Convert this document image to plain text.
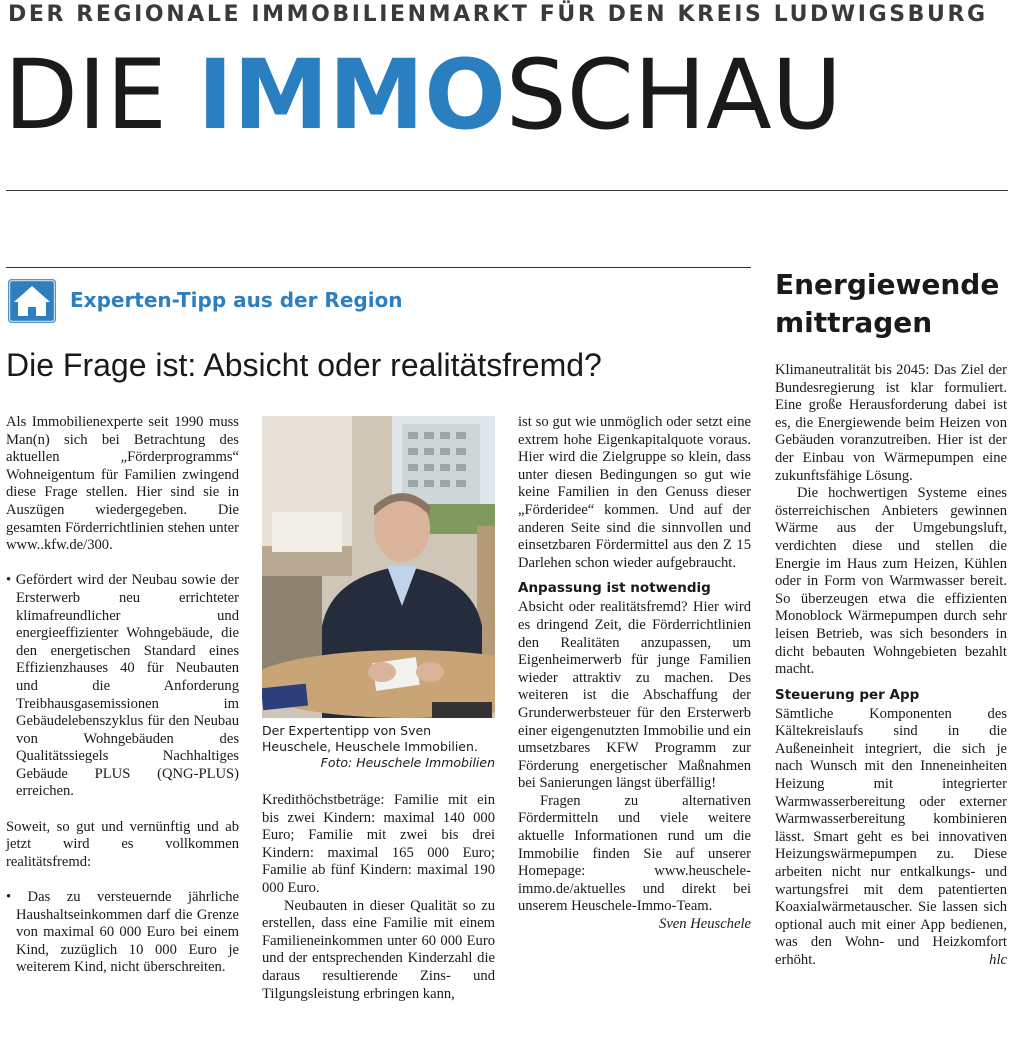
DER REGIONALE IMMOBILIENMARKT FÜR DEN KREIS LUDWIGSBURG
DIE IMMOSCHAU
Experten-Tipp aus der Region
Die Frage ist: Absicht oder realitätsfremd?

Als Immobilienexperte seit 1990 muss Man(n) sich bei Betrachtung des aktuellen „Förderprogramms“ Wohneigentum für Familien zwingend diese Frage stellen. Hier sind sie in Auszügen wiedergegeben. Die gesamten Förderrichtlinien stehen unter www..kfw.de/300.

• Gefördert wird der Neubau sowie der Ersterwerb neu errichteter klimafreundlicher und energieeffizienter Wohngebäude, die den energetischen Standard eines Effizienzhauses 40 für Neubauten und die Anforderung Treibhausgasemissionen im Gebäudelebenszyklus für den Neubau von Wohngebäuden des Qualitätssiegels Nachhaltiges Gebäude PLUS (QNG-PLUS) erreichen.

Soweit, so gut und vernünftig und ab jetzt wird es vollkommen realitätsfremd:

• Das zu versteuernde jährliche Haushaltseinkommen darf die Grenze von maximal 60 000 Euro bei einem Kind, zuzüglich 10 000 Euro je weiterem Kind, nicht überschreiten.

Der Expertentipp von Sven Heuschele, Heuschele Immobilien.
Foto: Heuschele Immobilien

Kredithöchstbeträge: Familie mit ein bis zwei Kindern: maximal 140 000 Euro; Familie mit zwei bis drei Kindern: maximal 165 000 Euro; Familie ab fünf Kindern: maximal 190 000 Euro.

Neubauten in dieser Qualität so zu erstellen, dass eine Familie mit einem Familieneinkommen unter 60 000 Euro und der entsprechenden Kinderzahl die daraus resultierende Zins- und Tilgungsleistung erbringen kann,

ist so gut wie unmöglich oder setzt eine extrem hohe Eigenkapitalquote voraus. Hier wird die Zielgruppe so klein, dass unter diesen Bedingungen so gut wie keine Familien in den Genuss dieser „Förderidee“ kommen. Und auf der anderen Seite sind die sinnvollen und einsetzbaren Fördermittel aus den Z 15 Darlehen schon wieder aufgebraucht.

Anpassung ist notwendig

Absicht oder realitätsfremd? Hier wird es dringend Zeit, die Förderrichtlinien den Realitäten anzupassen, um Eigenheimerwerb für junge Familien wieder attraktiv zu machen. Des weiteren ist die Abschaffung der Grunderwerbsteuer für den Ersterwerb einer eigengenutzten Immobilie und ein umsetzbares KFW Programm zur Förderung energetischer Maßnahmen bei Sanierungen längst überfällig!

Fragen zu alternativen Fördermitteln und viele weitere aktuelle Informationen rund um die Immobilie finden Sie auf unserer Homepage: www.heuschele-immo.de/aktuelles und direkt bei unserem Heuschele-Immo-Team.
Sven Heuschele

Energiewende mittragen

Klimaneutralität bis 2045: Das Ziel der Bundesregierung ist klar formuliert. Eine große Herausforderung dabei ist es, die Energiewende beim Heizen von Gebäuden voranzutreiben. Hier ist der der Einbau von Wärmepumpen eine zukunftsfähige Lösung.

Die hochwertigen Systeme eines österreichischen Anbieters gewinnen Wärme aus der Umgebungsluft, verdichten diese und stellen die Energie im Haus zum Heizen, Kühlen oder in Form von Warmwasser bereit. So überzeugen etwa die effizienten Monoblock Wärmepumpen durch sehr leisen Betrieb, was sich besonders in dicht bebauten Wohngebieten bezahlt macht.

Steuerung per App

Sämtliche Komponenten des Kältekreislaufs sind in die Außeneinheit integriert, die sich je nach Wunsch mit den Inneneinheiten Heizung mit integrierter Warmwasserbereitung oder externer Warmwasserbereitung kombinieren lässt. Smart geht es bei innovativen Heizungswärmepumpen zu. Diese arbeiten nicht nur entkalkungs- und wartungsfrei mit dem patentierten Koaxialwärmetauscher. Sie lassen sich optional auch mit einer App bedienen, was den Wohn- und Heizkomfort erhöht.	hlc
